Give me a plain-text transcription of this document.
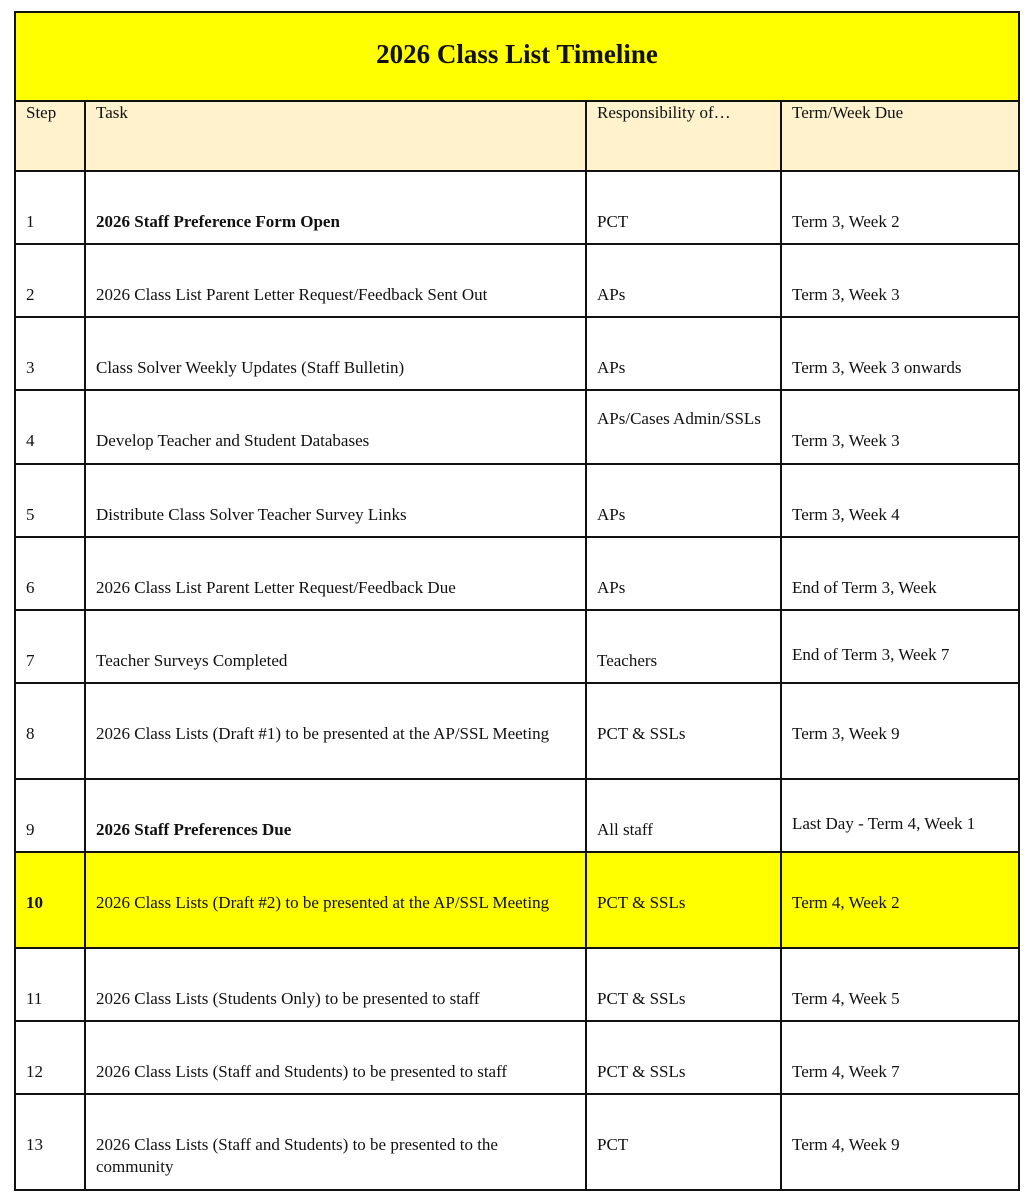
2026 Class List Timeline			
Step	Task	Responsibility of…	Term/Week Due
1	2026 Staff Preference Form Open	PCT	Term 3, Week 2
2	2026 Class List Parent Letter Request/Feedback Sent Out	APs	Term 3, Week 3
3	Class Solver Weekly Updates (Staff Bulletin)	APs	Term 3, Week 3 onwards
4	Develop Teacher and Student Databases	APs/Cases Admin/SSLs	Term 3, Week 3
5	Distribute Class Solver Teacher Survey Links	APs	Term 3, Week 4
6	2026 Class List Parent Letter Request/Feedback Due	APs	End of Term 3, Week
7	Teacher Surveys Completed	Teachers	End of Term 3, Week 7
8	2026 Class Lists (Draft #1) to be presented at the AP/SSL Meeting	PCT & SSLs	Term 3, Week 9
9	2026 Staff Preferences Due	All staff	Last Day - Term 4, Week 1
10	2026 Class Lists (Draft #2) to be presented at the AP/SSL Meeting	PCT & SSLs	Term 4, Week 2
11	2026 Class Lists (Students Only) to be presented to staff	PCT & SSLs	Term 4, Week 5
12	2026 Class Lists (Staff and Students) to be presented to staff	PCT & SSLs	Term 4, Week 7
13	2026 Class Lists (Staff and Students) to be presented to the community	PCT	Term 4, Week 9
